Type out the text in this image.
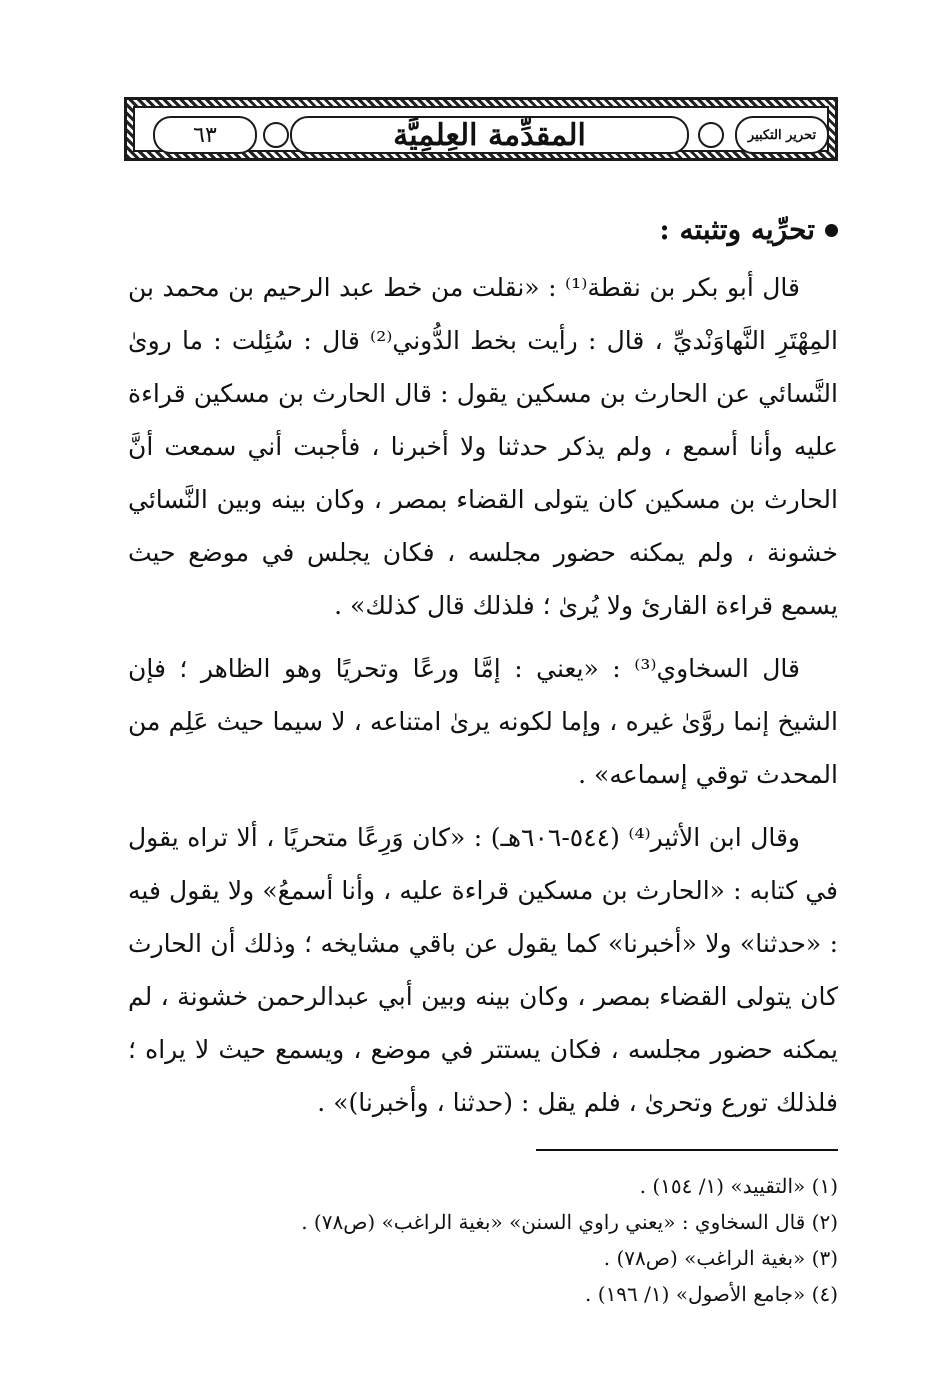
٦٣	المقدِّمة العِلمِيَّة	تحرير التكبير
تحرِّيه وتثبته :

قال أبو بكر بن نقطة⁽¹⁾ : «نقلت من خط عبد الرحيم بن محمد بن المِهْتَرِ النَّهاوَنْديِّ ، قال : رأيت بخط الدُّوني⁽²⁾ قال : سُئِلت : ما روىٰ النَّسائي عن الحارث بن مسكين يقول : قال الحارث بن مسكين قراءة عليه وأنا أسمع ، ولم يذكر حدثنا ولا أخبرنا ، فأجبت أني سمعت أنَّ الحارث بن مسكين كان يتولى القضاء بمصر ، وكان بينه وبين النَّسائي خشونة ، ولم يمكنه حضور مجلسه ، فكان يجلس في موضع حيث يسمع قراءة القارئ ولا يُرىٰ ؛ فلذلك قال كذلك» .

قال السخاوي⁽³⁾ : «يعني : إمَّا ورعًا وتحريًا وهو الظاهر ؛ فإن الشيخ إنما روَّىٰ غيره ، وإما لكونه يرىٰ امتناعه ، لا سيما حيث عَلِم من المحدث توقي إسماعه» .

وقال ابن الأثير⁽⁴⁾ (٥٤٤-٦٠٦هـ) : «كان وَرِعًا متحريًا ، ألا تراه يقول في كتابه : «الحارث بن مسكين قراءة عليه ، وأنا أسمعُ» ولا يقول فيه : «حدثنا» ولا «أخبرنا» كما يقول عن باقي مشايخه ؛ وذلك أن الحارث كان يتولى القضاء بمصر ، وكان بينه وبين أبي عبدالرحمن خشونة ، لم يمكنه حضور مجلسه ، فكان يستتر في موضع ، ويسمع حيث لا يراه ؛ فلذلك تورع وتحرىٰ ، فلم يقل : (حدثنا ، وأخبرنا)» .

(١) «التقييد» (١/ ١٥٤) .

(٢) قال السخاوي : «يعني راوي السنن» «بغية الراغب» (ص٧٨) .

(٣) «بغية الراغب» (ص٧٨) .

(٤) «جامع الأصول» (١/ ١٩٦) .
